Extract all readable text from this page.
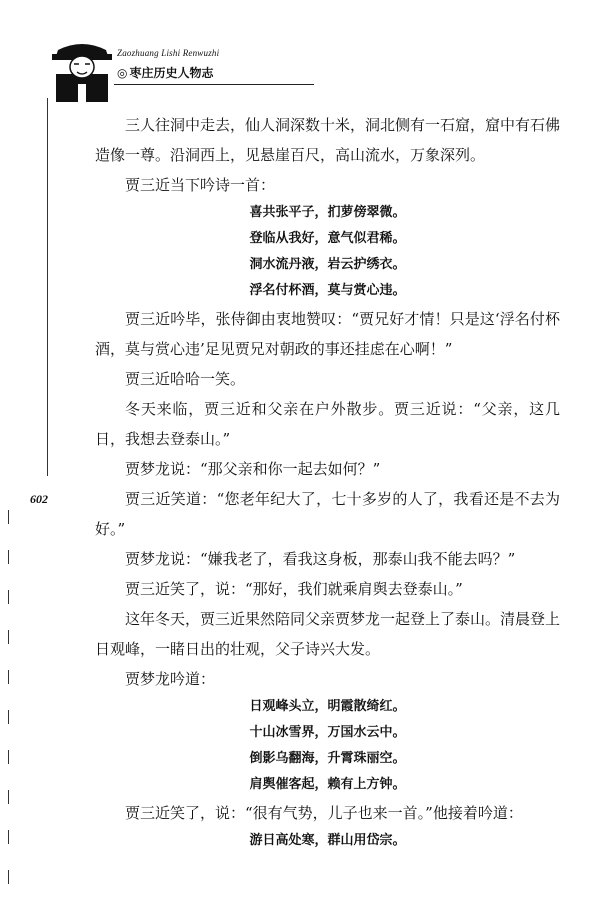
Zaozhuang Lishi Renwuzhi
◎ 枣庄历史人物志
602

三人往洞中走去，仙人洞深数十米，洞北侧有一石窟，窟中有石佛造像一尊。沿洞西上，见悬崖百尺，高山流水，万象深列。

贾三近当下吟诗一首：

喜共张平子，扪萝傍翠微。

登临从我好，意气似君稀。

洞水流丹液，岩云护绣衣。

浮名付杯酒，莫与赏心违。

贾三近吟毕，张侍御由衷地赞叹：“贾兄好才情！只是这‘浮名付杯酒，莫与赏心违’足见贾兄对朝政的事还挂虑在心啊！”

贾三近哈哈一笑。

冬天来临，贾三近和父亲在户外散步。贾三近说：“父亲，这几日，我想去登泰山。”

贾梦龙说：“那父亲和你一起去如何？”

贾三近笑道：“您老年纪大了，七十多岁的人了，我看还是不去为好。”

贾梦龙说：“嫌我老了，看我这身板，那泰山我不能去吗？”

贾三近笑了，说：“那好，我们就乘肩舆去登泰山。”

这年冬天，贾三近果然陪同父亲贾梦龙一起登上了泰山。清晨登上日观峰，一睹日出的壮观，父子诗兴大发。

贾梦龙吟道：

日观峰头立，明霞散绮红。

十山冰雪界，万国水云中。

倒影乌翻海，升霄珠丽空。

肩舆催客起，赖有上方钟。

贾三近笑了，说：“很有气势，儿子也来一首。”他接着吟道：

游日高处寒，群山用岱宗。
